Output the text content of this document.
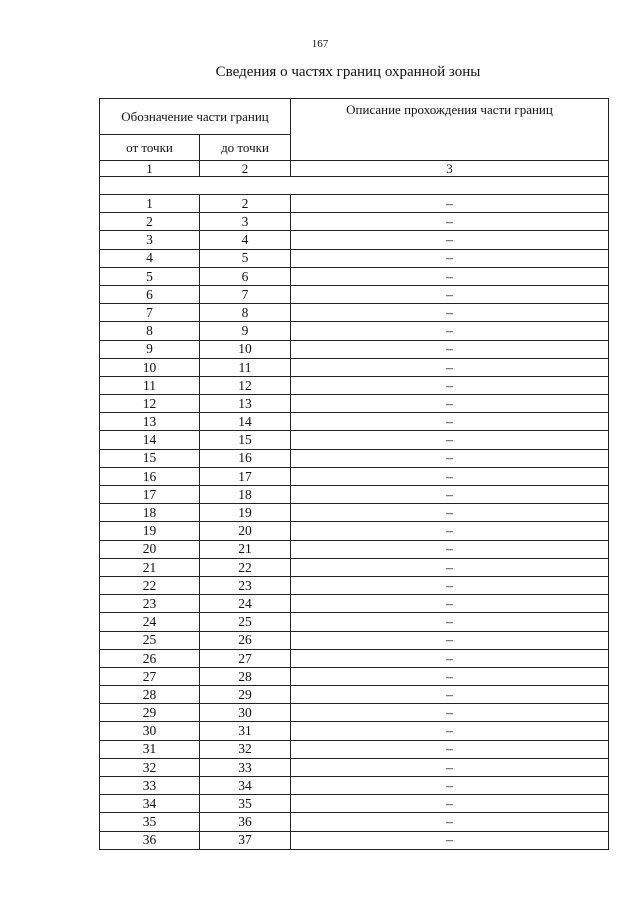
167
Сведения о частях границ охранной зоны
Обозначение части границ		Описание прохождения части границ
от точки	до точки	
1	2	3

1	2	–
2	3	–
3	4	–
4	5	–
5	6	–
6	7	–
7	8	–
8	9	–
9	10	–
10	11	–
11	12	–
12	13	–
13	14	–
14	15	–
15	16	–
16	17	–
17	18	–
18	19	–
19	20	–
20	21	–
21	22	–
22	23	–
23	24	–
24	25	–
25	26	–
26	27	–
27	28	–
28	29	–
29	30	–
30	31	–
31	32	–
32	33	–
33	34	–
34	35	–
35	36	–
36	37	–
